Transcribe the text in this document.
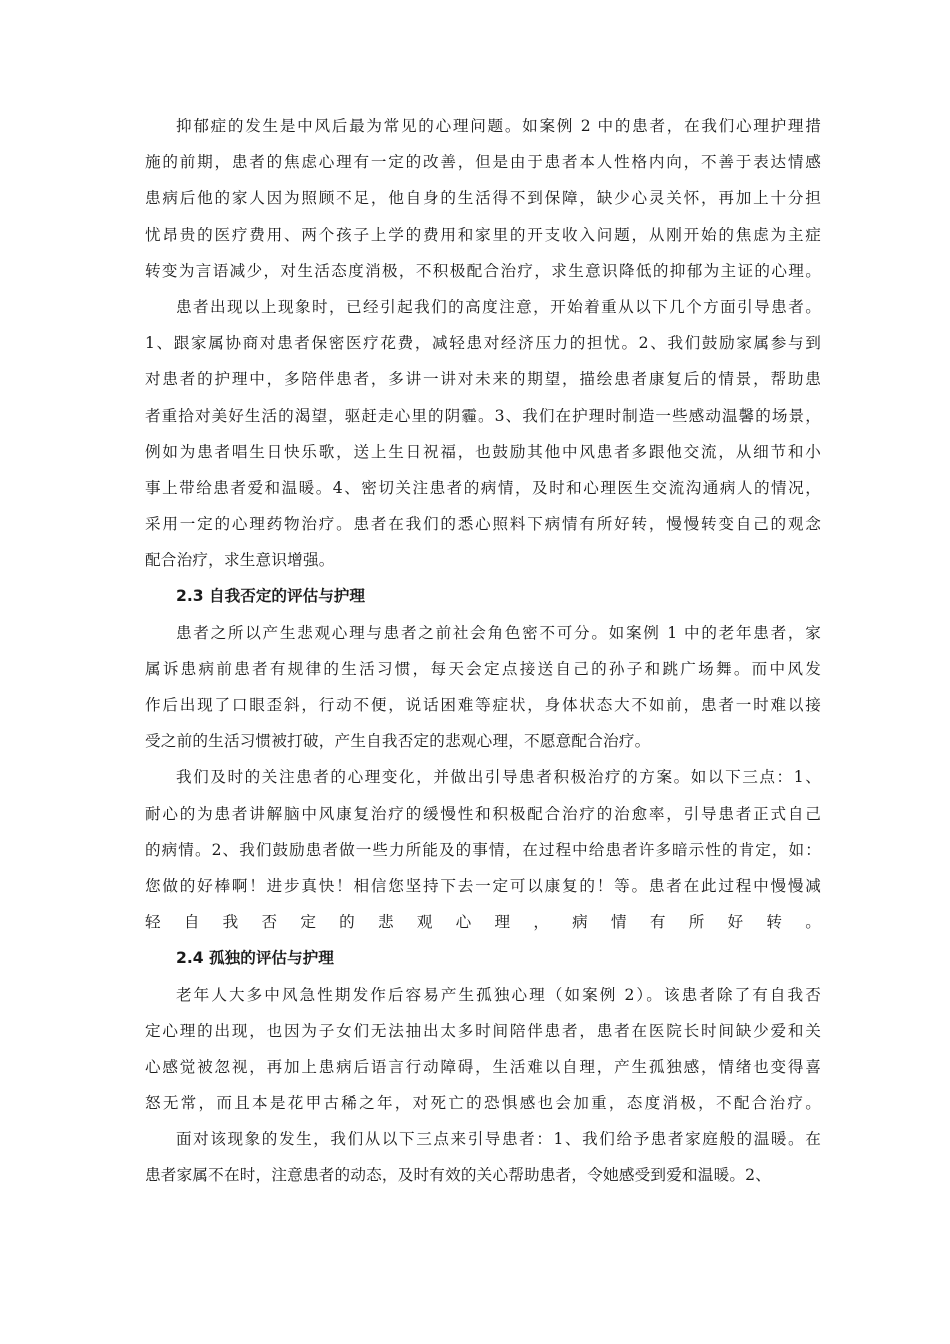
抑郁症的发生是中风后最为常见的心理问题。如案例 2 中的患者，在我们心理护理措
施的前期，患者的焦虑心理有一定的改善，但是由于患者本人性格内向，不善于表达情感
患病后他的家人因为照顾不足，他自身的生活得不到保障，缺少心灵关怀，再加上十分担
忧昂贵的医疗费用、两个孩子上学的费用和家里的开支收入问题，从刚开始的焦虑为主症
转变为言语减少，对生活态度消极，不积极配合治疗，求生意识降低的抑郁为主证的心理。
患者出现以上现象时，已经引起我们的高度注意，开始着重从以下几个方面引导患者。
1、跟家属协商对患者保密医疗花费，减轻患对经济压力的担忧。2、我们鼓励家属参与到
对患者的护理中，多陪伴患者，多讲一讲对未来的期望，描绘患者康复后的情景，帮助患
者重拾对美好生活的渴望，驱赶走心里的阴霾。3、我们在护理时制造一些感动温馨的场景，
例如为患者唱生日快乐歌，送上生日祝福，也鼓励其他中风患者多跟他交流，从细节和小
事上带给患者爱和温暖。4、密切关注患者的病情，及时和心理医生交流沟通病人的情况，
采用一定的心理药物治疗。患者在我们的悉心照料下病情有所好转，慢慢转变自己的观念
配合治疗，求生意识增强。
2.3 自我否定的评估与护理
患者之所以产生悲观心理与患者之前社会角色密不可分。如案例 1 中的老年患者，家
属诉患病前患者有规律的生活习惯，每天会定点接送自己的孙子和跳广场舞。而中风发
作后出现了口眼歪斜，行动不便，说话困难等症状，身体状态大不如前，患者一时难以接
受之前的生活习惯被打破，产生自我否定的悲观心理，不愿意配合治疗。
我们及时的关注患者的心理变化，并做出引导患者积极治疗的方案。如以下三点：1、
耐心的为患者讲解脑中风康复治疗的缓慢性和积极配合治疗的治愈率，引导患者正式自己
的病情。2、我们鼓励患者做一些力所能及的事情，在过程中给患者许多暗示性的肯定，如：
您做的好棒啊！进步真快！相信您坚持下去一定可以康复的！等。患者在此过程中慢慢减
轻自我否定的悲观心理，病情有所好转。
2.4 孤独的评估与护理
老年人大多中风急性期发作后容易产生孤独心理（如案例 2）。该患者除了有自我否
定心理的出现，也因为子女们无法抽出太多时间陪伴患者，患者在医院长时间缺少爱和关
心感觉被忽视，再加上患病后语言行动障碍，生活难以自理，产生孤独感，情绪也变得喜
怒无常，而且本是花甲古稀之年，对死亡的恐惧感也会加重，态度消极，不配合治疗。
面对该现象的发生，我们从以下三点来引导患者：1、我们给予患者家庭般的温暖。在
患者家属不在时，注意患者的动态，及时有效的关心帮助患者，令她感受到爱和温暖。2、
